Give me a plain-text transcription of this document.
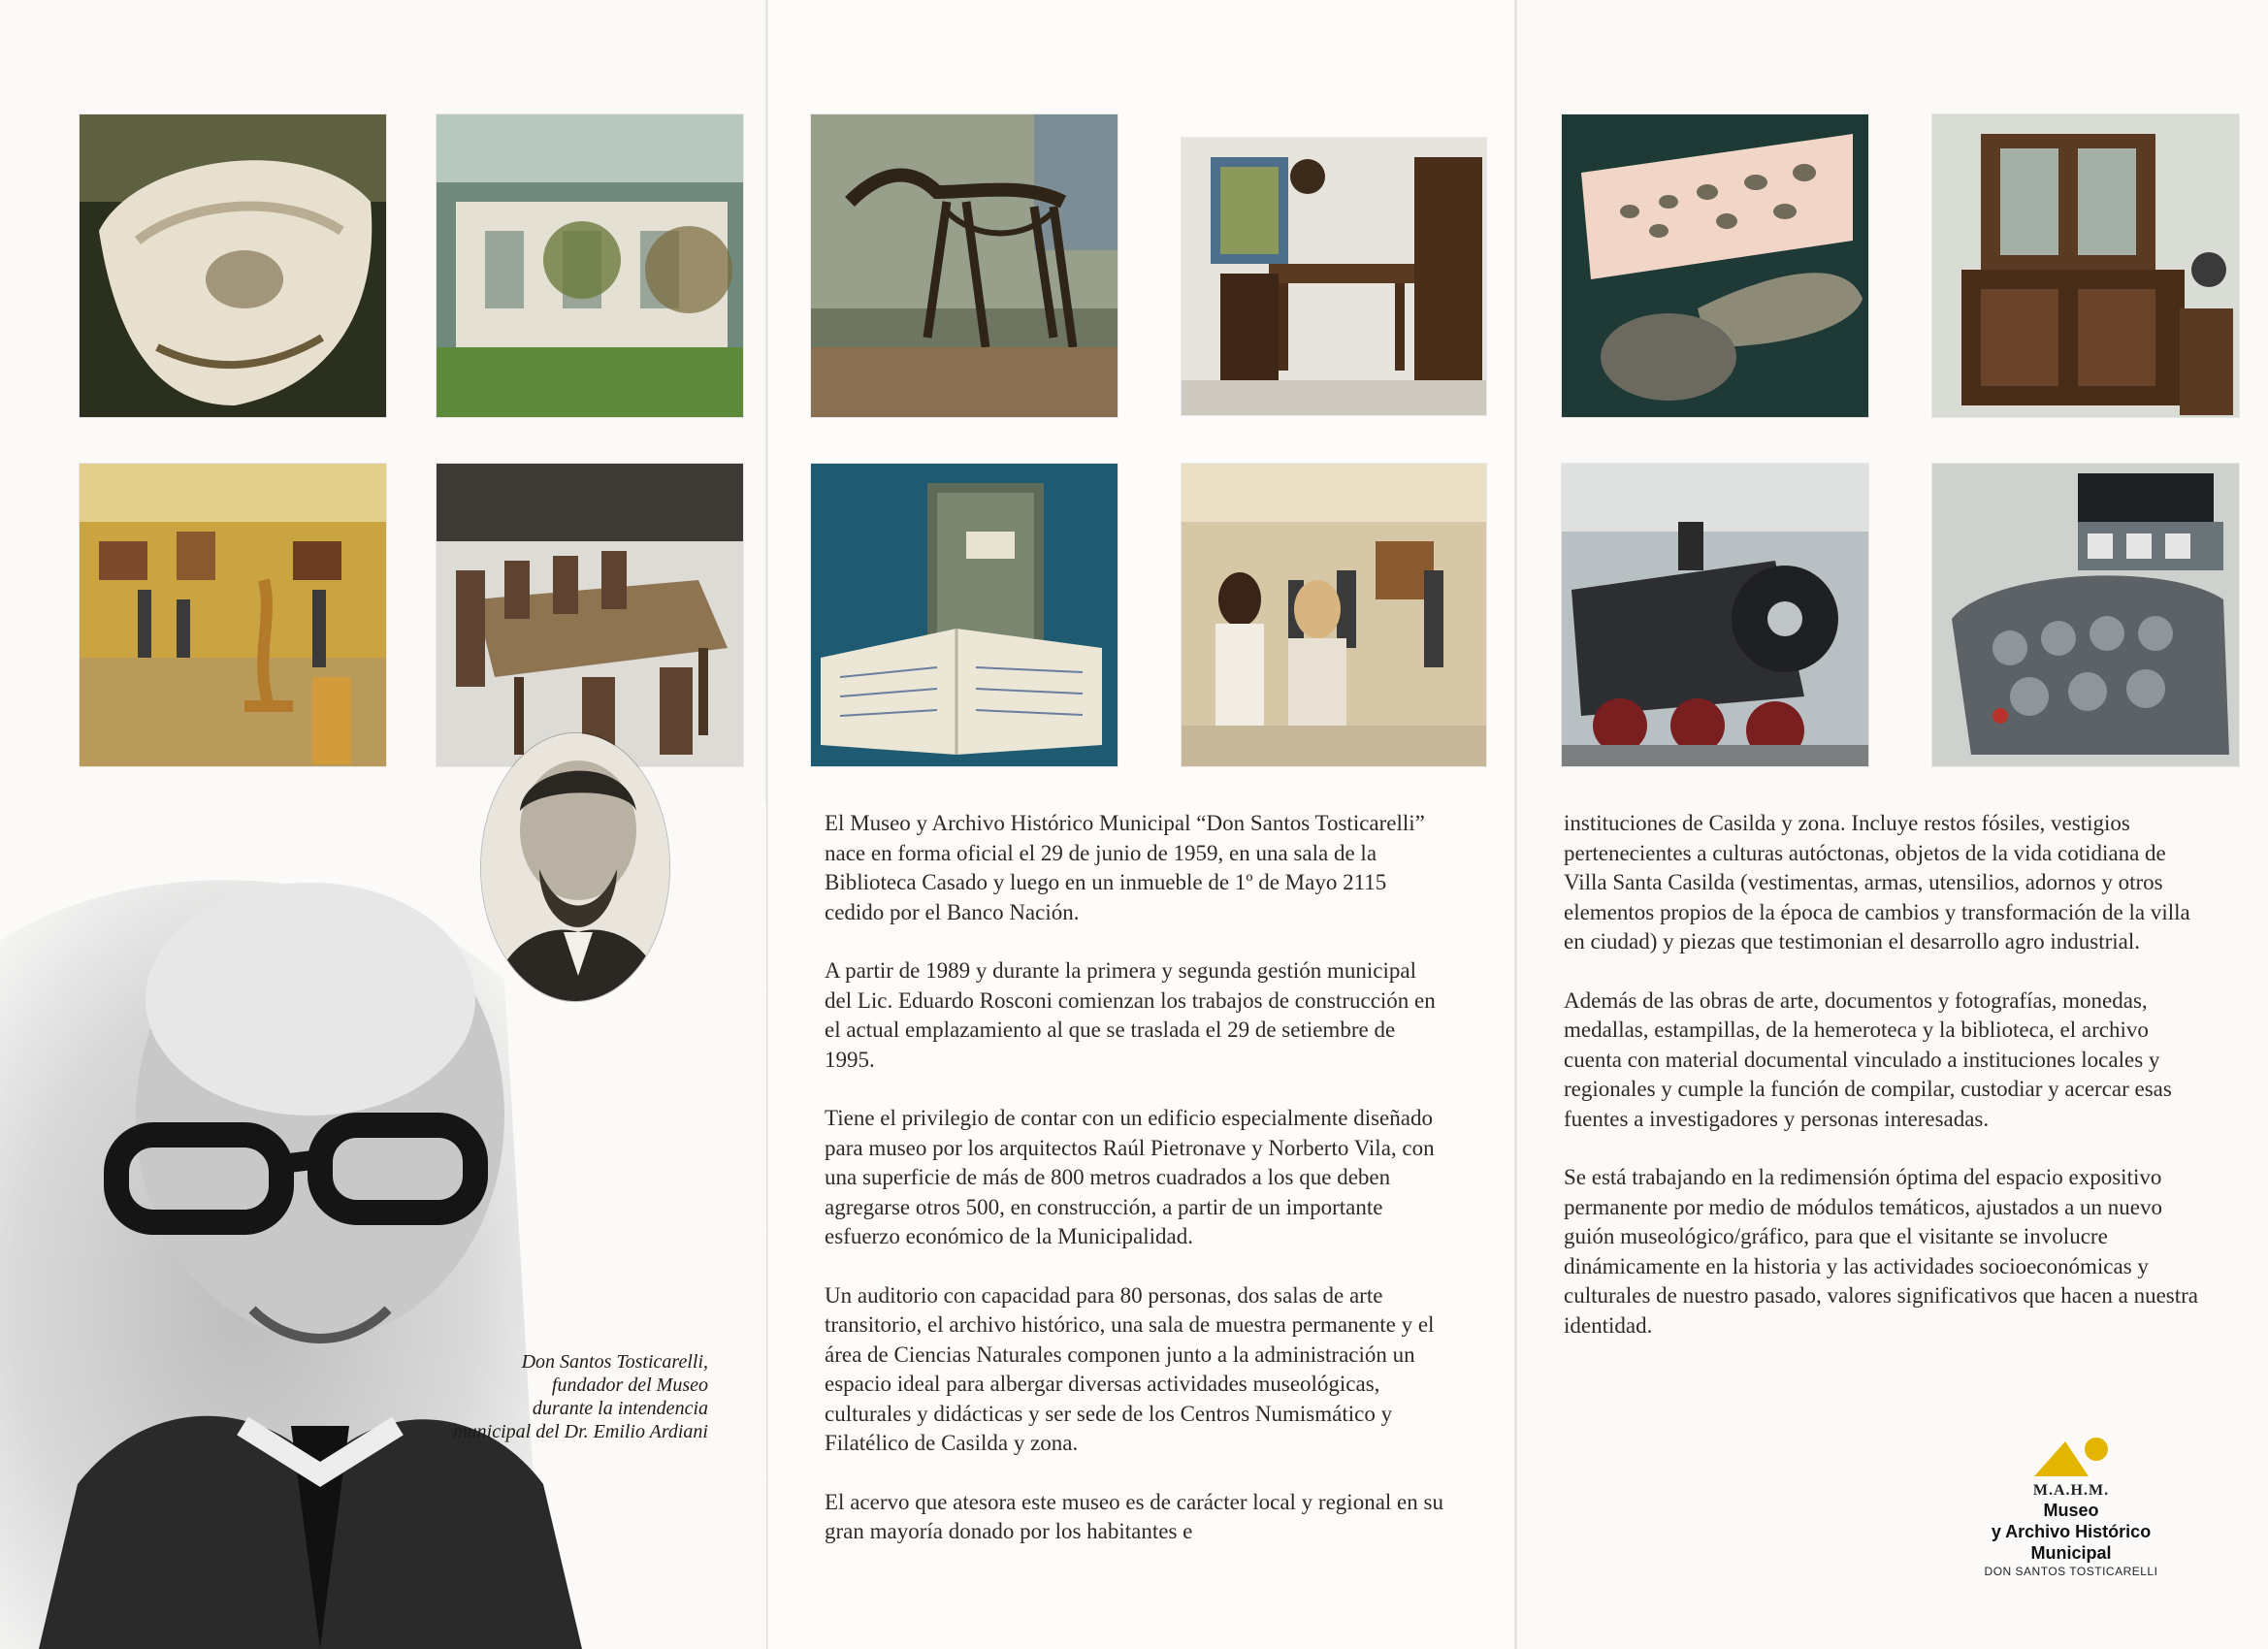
Don Santos Tosticarelli,
fundador del Museo
durante la intendencia
municipal del Dr. Emilio Ardiani

El Museo y Archivo Histórico Municipal “Don Santos Tosticarelli” nace en forma oficial el 29 de junio de 1959, en una sala de la Biblioteca Casado y luego en un inmueble de 1º de Mayo 2115 cedido por el Banco Nación.

A partir de 1989 y durante la primera y segunda gestión municipal del Lic. Eduardo Rosconi comienzan los trabajos de construcción en el actual emplazamiento al que se traslada el 29 de setiembre de 1995.

Tiene el privilegio de contar con un edificio especialmente diseñado para museo por los arquitectos Raúl Pietronave y Norberto Vila, con una superficie de más de 800 metros cuadrados a los que deben agregarse otros 500, en construcción, a partir de un importante esfuerzo económico de la Municipalidad.

Un auditorio con capacidad para 80 personas, dos salas de arte transitorio, el archivo histórico, una sala de muestra permanente y el área de Ciencias Naturales componen junto a la administración un espacio ideal para albergar diversas actividades museológicas, culturales y didácticas y ser sede de los Centros Numismático y Filatélico de Casilda y zona.

El acervo que atesora este museo es de carácter local y regional en su gran mayoría donado por los habitantes e

instituciones de Casilda y zona. Incluye restos fósiles, vestigios pertenecientes a culturas autóctonas, objetos de la vida cotidiana de Villa Santa Casilda (vestimentas, armas, utensilios, adornos y otros elementos propios de la época de cambios y transformación de la villa en ciudad) y piezas que testimonian el desarrollo agro industrial.

Además de las obras de arte, documentos y fotografías, monedas, medallas, estampillas, de la hemeroteca y la biblioteca, el archivo cuenta con material documental vinculado a instituciones locales y regionales y cumple la función de compilar, custodiar y acercar esas fuentes a investigadores y personas interesadas.

Se está trabajando en la redimensión óptima del espacio expositivo permanente por medio de módulos temáticos, ajustados a un nuevo guión museológico/gráfico, para que el visitante se involucre dinámicamente en la historia y las actividades socioeconómicas y culturales de nuestro pasado, valores significativos que hacen a nuestra identidad.

M.A.H.M.
Museo
y Archivo Histórico
Municipal
DON SANTOS TOSTICARELLI
